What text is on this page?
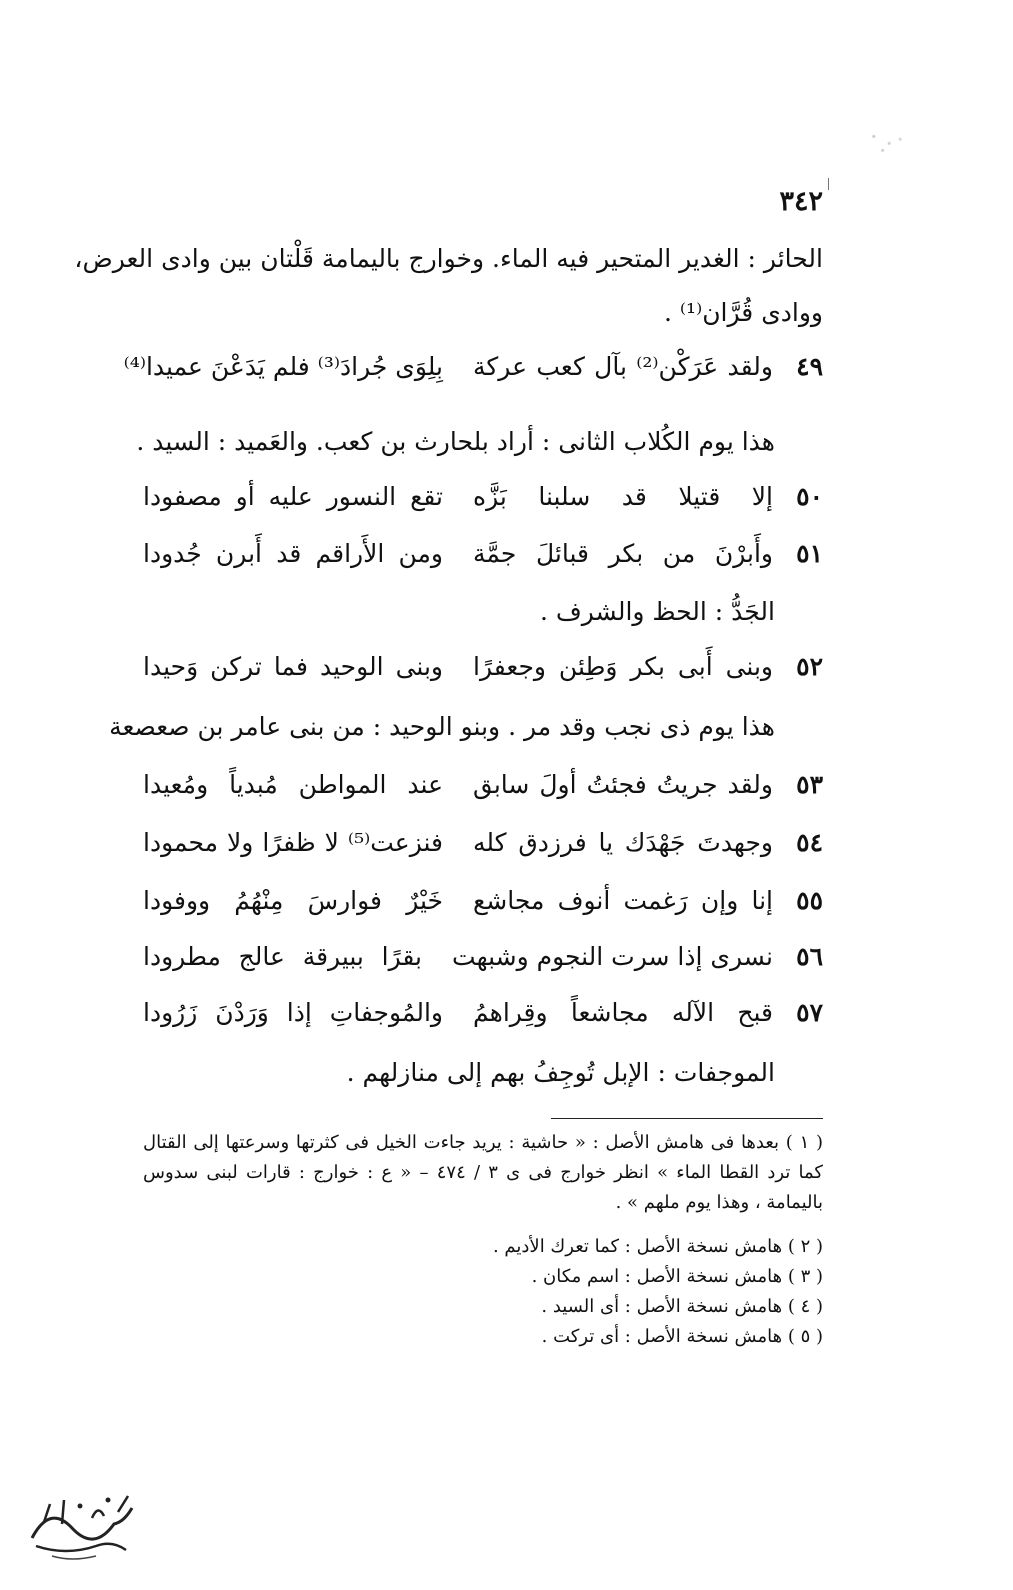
٣٤٢
الحائر : الغدير المتحير فيه الماء. وخوارج باليمامة قَلْتان بين وادى العرض،
ووادى قُرَّان⁽¹⁾ .
٤٩
ولقد عَرَكْن⁽²⁾ بآل كعب عركة
بِلِوَى جُرادَ⁽³⁾ فلم يَدَعْنَ عميدا⁽⁴⁾
هذا يوم الكُلاب الثانى : أراد بلحارث بن كعب. والعَميد : السيد .
٥٠
إلا قتيلا قد سلبنا بَزَّه
تقع النسور عليه أو مصفودا
٥١
وأَبرْنَ من بكر قبائلَ جمَّة
ومن الأَراقم قد أَبرن جُدودا
الجَدُّ : الحظ والشرف .
٥٢
وبنى أَبى بكر وَطِئن وجعفرًا
وبنى الوحيد فما تركن وَحيدا
هذا يوم ذى نجب وقد مر . وبنو الوحيد : من بنى عامر بن صعصعة
٥٣
ولقد جريتُ فجئتُ أولَ سابق
عند المواطن مُبدياً ومُعيدا
٥٤
وجهدتَ جَهْدَك يا فرزدق كله
فنزعت⁽⁵⁾ لا ظفرًا ولا محمودا
٥٥
إنا وإن رَغمت أنوف مجاشع
خَيْرٌ فوارسَ مِنْهُمُ ووفودا
٥٦
نسرى إذا سرت النجوم وشبهت
بقرًا ببيرقة عالج مطرودا
٥٧
قبح الآله مجاشعاً وقِراهمُ
والمُوجفاتِ إذا وَرَدْنَ زَرُودا
الموجفات : الإبل تُوجِفُ بهم إلى منازلهم .
( ١ ) بعدها فى هامش الأصل : « حاشية : يريد جاءت الخيل فى كثرتها وسرعتها إلى القتال كما ترد القطا الماء » انظر خوارج فى ى ٣ / ٤٧٤ – « ع : خوارج : قارات لبنى سدوس باليمامة ، وهذا يوم ملهم » .
( ٢ ) هامش نسخة الأصل : كما تعرك الأديم .
( ٣ ) هامش نسخة الأصل : اسم مكان .
( ٤ ) هامش نسخة الأصل : أى السيد .
( ٥ ) هامش نسخة الأصل : أى تركت .
